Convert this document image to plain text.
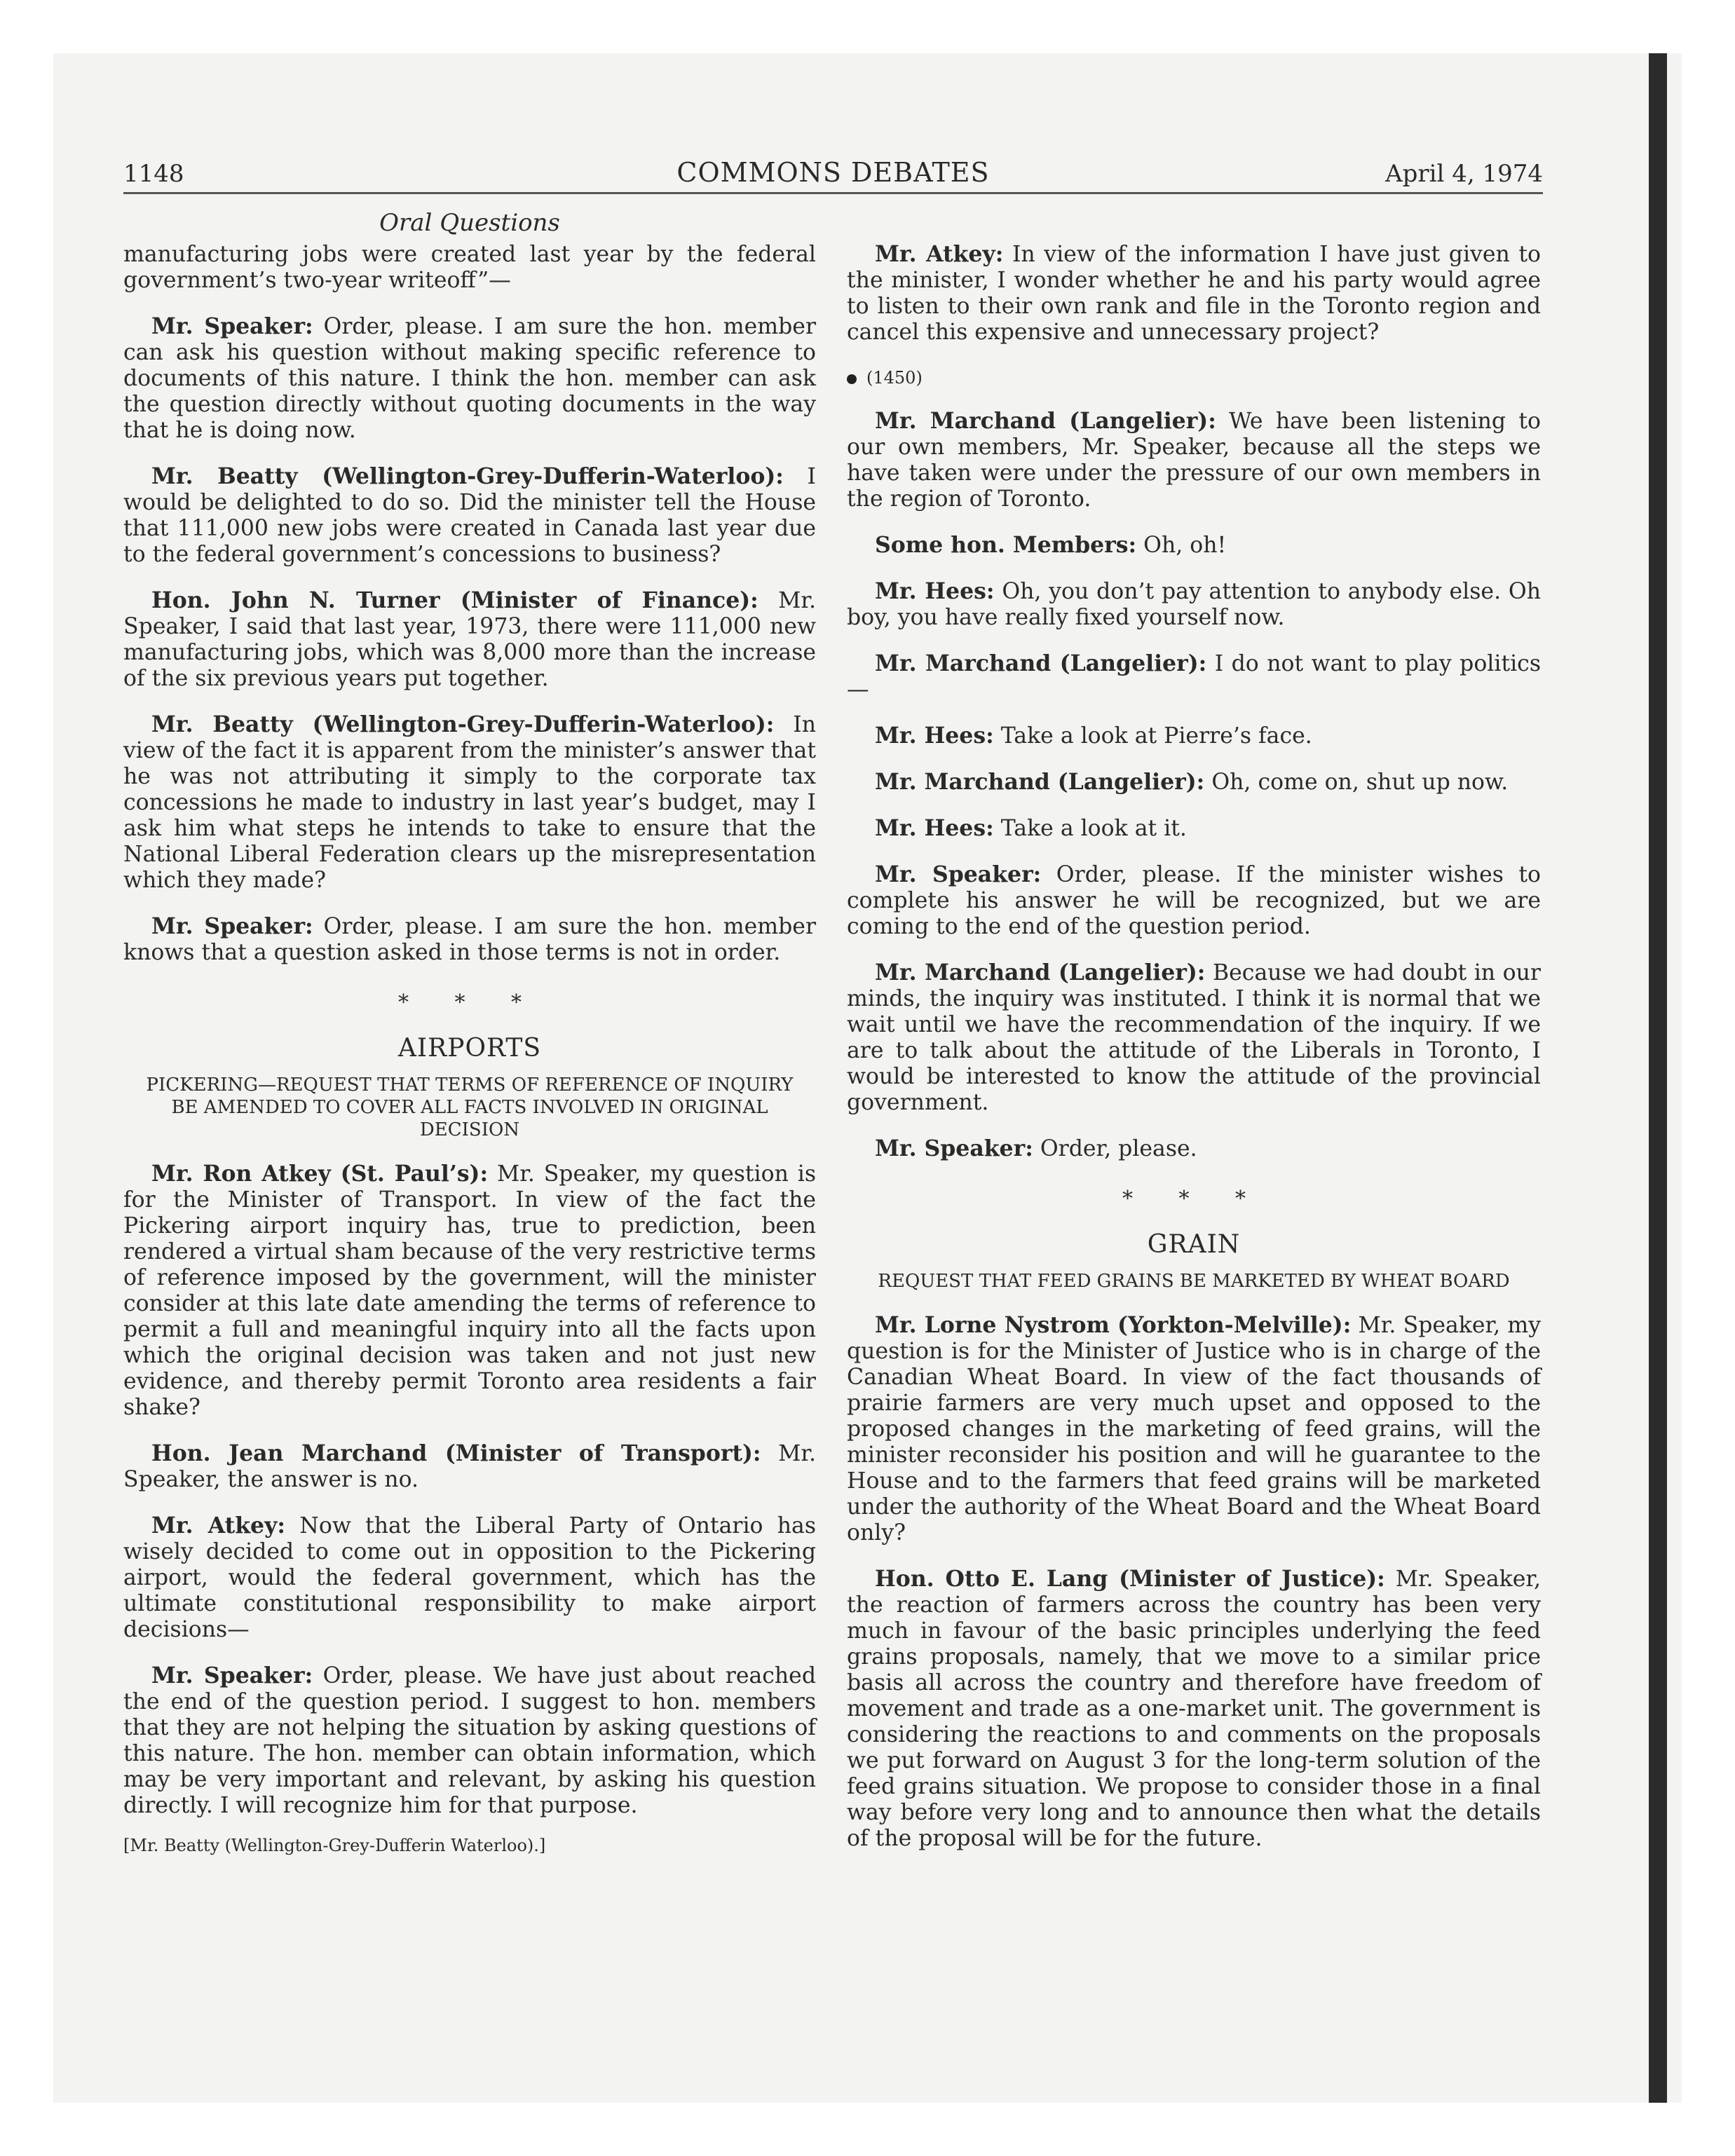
1148	COMMONS DEBATES	April 4, 1974
Oral Questions

manufacturing jobs were created last year by the federal government’s two-year writeoff”—

Mr. Speaker: Order, please. I am sure the hon. member can ask his question without making specific reference to documents of this nature. I think the hon. member can ask the question directly without quoting documents in the way that he is doing now.

Mr. Beatty (Wellington-Grey-Dufferin-Waterloo): I would be delighted to do so. Did the minister tell the House that 111,000 new jobs were created in Canada last year due to the federal government’s concessions to business?

Hon. John N. Turner (Minister of Finance): Mr. Speaker, I said that last year, 1973, there were 111,000 new manufacturing jobs, which was 8,000 more than the increase of the six previous years put together.

Mr. Beatty (Wellington-Grey-Dufferin-Waterloo): In view of the fact it is apparent from the minister’s answer that he was not attributing it simply to the corporate tax concessions he made to industry in last year’s budget, may I ask him what steps he intends to take to ensure that the National Liberal Federation clears up the misrepresentation which they made?

Mr. Speaker: Order, please. I am sure the hon. member knows that a question asked in those terms is not in order.

* * *
AIRPORTS
PICKERING—REQUEST THAT TERMS OF REFERENCE OF INQUIRY BE AMENDED TO COVER ALL FACTS INVOLVED IN ORIGINAL DECISION

Mr. Ron Atkey (St. Paul’s): Mr. Speaker, my question is for the Minister of Transport. In view of the fact the Pickering airport inquiry has, true to prediction, been rendered a virtual sham because of the very restrictive terms of reference imposed by the government, will the minister consider at this late date amending the terms of reference to permit a full and meaningful inquiry into all the facts upon which the original decision was taken and not just new evidence, and thereby permit Toronto area residents a fair shake?

Hon. Jean Marchand (Minister of Transport): Mr. Speaker, the answer is no.

Mr. Atkey: Now that the Liberal Party of Ontario has wisely decided to come out in opposition to the Pickering airport, would the federal government, which has the ultimate constitutional responsibility to make airport decisions—

Mr. Speaker: Order, please. We have just about reached the end of the question period. I suggest to hon. members that they are not helping the situation by asking questions of this nature. The hon. member can obtain information, which may be very important and relevant, by asking his question directly. I will recognize him for that purpose.

[Mr. Beatty (Wellington-Grey-Dufferin Waterloo).]

Mr. Atkey: In view of the information I have just given to the minister, I wonder whether he and his party would agree to listen to their own rank and file in the Toronto region and cancel this expensive and unnecessary project?

(1450)

Mr. Marchand (Langelier): We have been listening to our own members, Mr. Speaker, because all the steps we have taken were under the pressure of our own members in the region of Toronto.

Some hon. Members: Oh, oh!

Mr. Hees: Oh, you don’t pay attention to anybody else. Oh boy, you have really fixed yourself now.

Mr. Marchand (Langelier): I do not want to play politics—

Mr. Hees: Take a look at Pierre’s face.

Mr. Marchand (Langelier): Oh, come on, shut up now.

Mr. Hees: Take a look at it.

Mr. Speaker: Order, please. If the minister wishes to complete his answer he will be recognized, but we are coming to the end of the question period.

Mr. Marchand (Langelier): Because we had doubt in our minds, the inquiry was instituted. I think it is normal that we wait until we have the recommendation of the inquiry. If we are to talk about the attitude of the Liberals in Toronto, I would be interested to know the attitude of the provincial government.

Mr. Speaker: Order, please.

* * *
GRAIN
REQUEST THAT FEED GRAINS BE MARKETED BY WHEAT BOARD

Mr. Lorne Nystrom (Yorkton-Melville): Mr. Speaker, my question is for the Minister of Justice who is in charge of the Canadian Wheat Board. In view of the fact thousands of prairie farmers are very much upset and opposed to the proposed changes in the marketing of feed grains, will the minister reconsider his position and will he guarantee to the House and to the farmers that feed grains will be marketed under the authority of the Wheat Board and the Wheat Board only?

Hon. Otto E. Lang (Minister of Justice): Mr. Speaker, the reaction of farmers across the country has been very much in favour of the basic principles underlying the feed grains proposals, namely, that we move to a similar price basis all across the country and therefore have freedom of movement and trade as a one-market unit. The government is considering the reactions to and comments on the proposals we put forward on August 3 for the long-term solution of the feed grains situation. We propose to consider those in a final way before very long and to announce then what the details of the proposal will be for the future.
